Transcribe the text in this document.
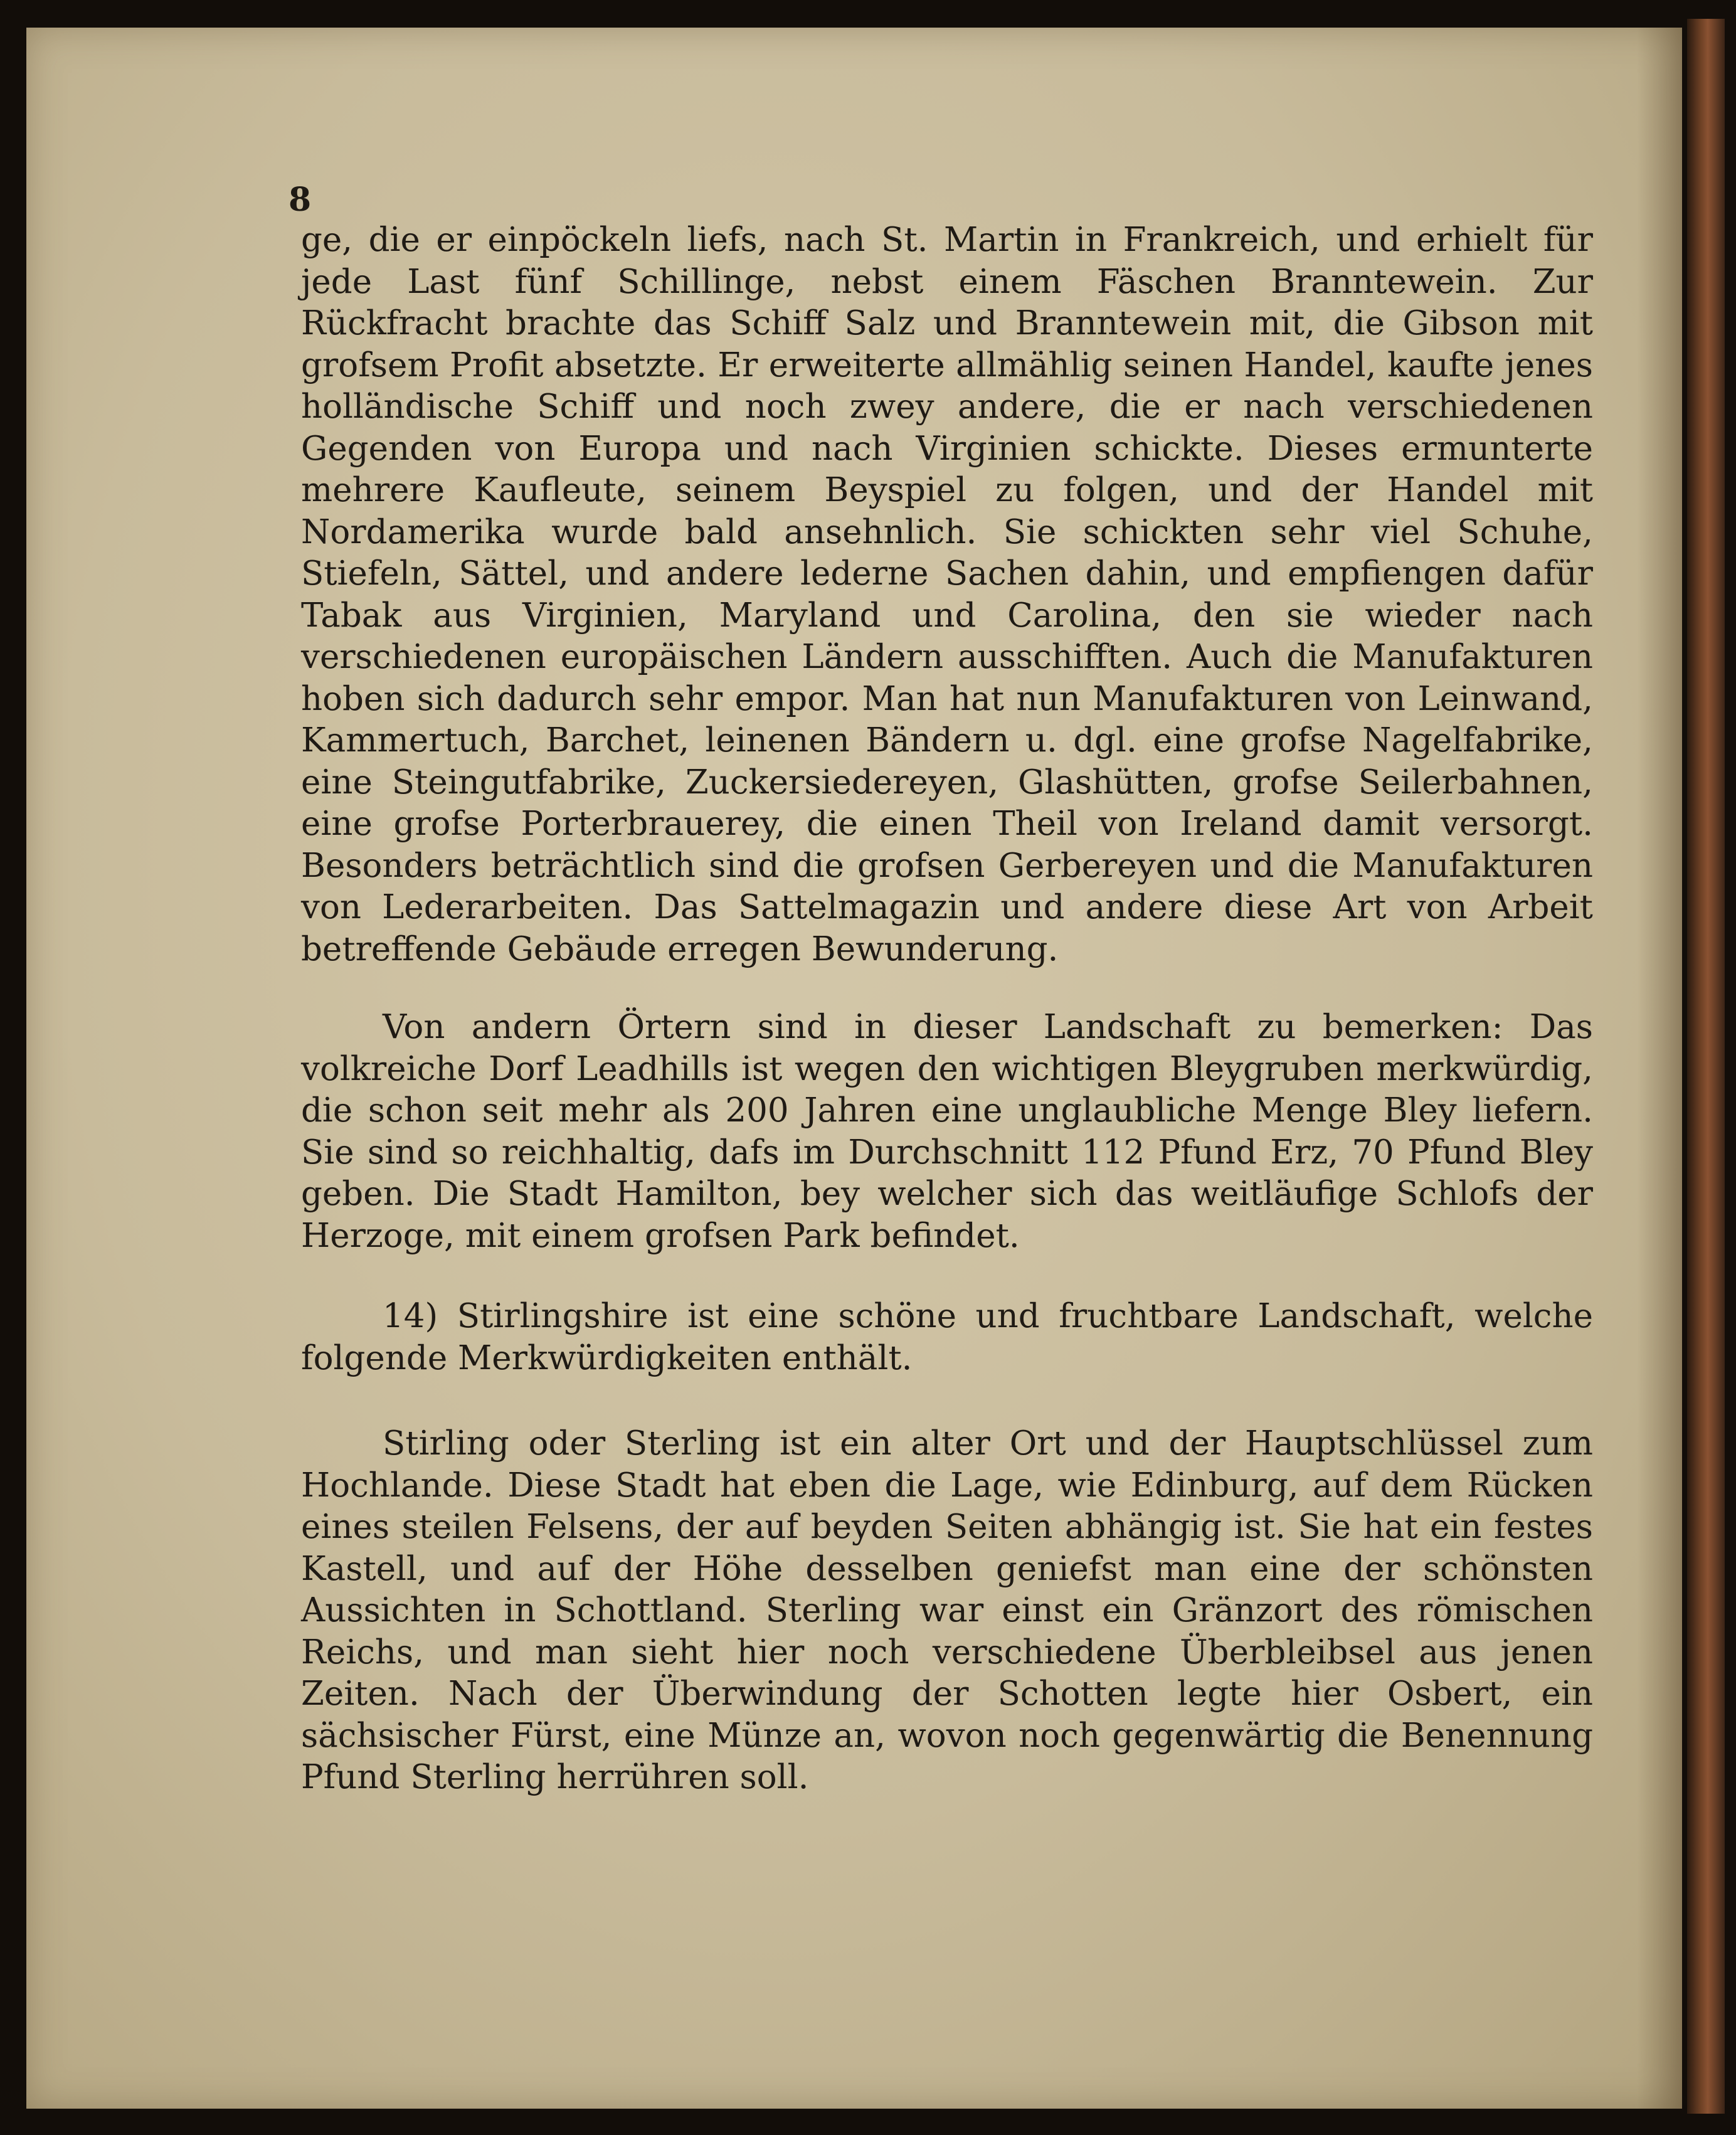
8

ge, die er einpöckeln liefs, nach St. Martin in Frankreich, und erhielt für jede Last fünf Schillinge, nebst einem Fäschen Branntewein. Zur Rückfracht brachte das Schiff Salz und Branntewein mit, die Gibson mit grofsem Profit absetzte. Er erweiterte allmählig seinen Handel, kaufte jenes holländische Schiff und noch zwey andere, die er nach verschiedenen Gegenden von Europa und nach Virginien schickte. Dieses ermunterte mehrere Kaufleute, seinem Beyspiel zu folgen, und der Handel mit Nordamerika wurde bald ansehnlich. Sie schickten sehr viel Schuhe, Stiefeln, Sättel, und andere lederne Sachen dahin, und empfiengen dafür Tabak aus Virginien, Maryland und Carolina, den sie wieder nach verschiedenen europäischen Ländern ausschifften. Auch die Manufakturen hoben sich dadurch sehr empor. Man hat nun Manufakturen von Leinwand, Kammertuch, Barchet, leinenen Bändern u. dgl. eine grofse Nagelfabrike, eine Steingutfabrike, Zuckersiedereyen, Glashütten, grofse Seilerbahnen, eine grofse Porterbrauerey, die einen Theil von Ireland damit versorgt. Besonders beträchtlich sind die grofsen Gerbereyen und die Manufakturen von Lederarbeiten. Das Sattelmagazin und andere diese Art von Arbeit betreffende Gebäude erregen Bewunderung.

Von andern Örtern sind in dieser Landschaft zu bemerken: Das volkreiche Dorf Leadhills ist wegen den wichtigen Bleygruben merkwürdig, die schon seit mehr als 200 Jahren eine unglaubliche Menge Bley liefern. Sie sind so reichhaltig, dafs im Durchschnitt 112 Pfund Erz, 70 Pfund Bley geben. Die Stadt Hamilton, bey welcher sich das weitläufige Schlofs der Herzoge, mit einem grofsen Park befindet.

14) Stirlingshire ist eine schöne und fruchtbare Landschaft, welche folgende Merkwürdigkeiten enthält.

Stirling oder Sterling ist ein alter Ort und der Hauptschlüssel zum Hochlande. Diese Stadt hat eben die Lage, wie Edinburg, auf dem Rücken eines steilen Felsens, der auf beyden Seiten abhängig ist. Sie hat ein festes Kastell, und auf der Höhe desselben geniefst man eine der schönsten Aussichten in Schottland. Sterling war einst ein Gränzort des römischen Reichs, und man sieht hier noch verschiedene Überbleibsel aus jenen Zeiten. Nach der Überwindung der Schotten legte hier Osbert, ein sächsischer Fürst, eine Münze an, wovon noch gegenwärtig die Benennung Pfund Sterling herrühren soll.
